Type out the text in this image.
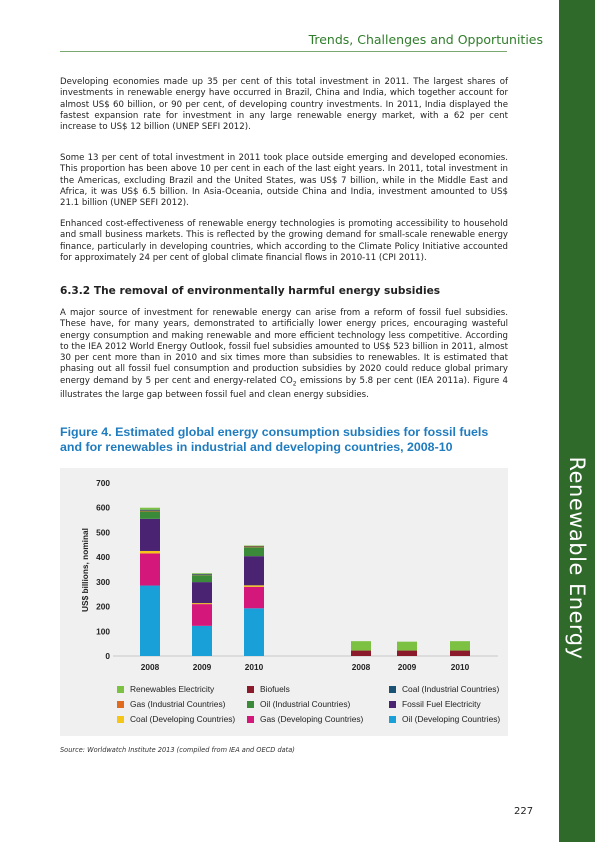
Renewable Energy
Trends, Challenges and Opportunities

Developing economies made up 35 per cent of this total investment in 2011. The largest shares of investments in renewable energy have occurred in Brazil, China and India, which together account for almost US$ 60 billion, or 90 per cent, of developing country investments. In 2011, India displayed the fastest expansion rate for investment in any large renewable energy market, with a 62 per cent increase to US$ 12 billion (UNEP SEFI 2012).

Some 13 per cent of total investment in 2011 took place outside emerging and developed economies. This proportion has been above 10 per cent in each of the last eight years. In 2011, total investment in the Americas, excluding Brazil and the United States, was US$ 7 billion, while in the Middle East and Africa, it was US$ 6.5 billion. In Asia-Oceania, outside China and India, investment amounted to US$ 21.1 billion (UNEP SEFI 2012).

Enhanced cost-effectiveness of renewable energy technologies is promoting accessibility to household and small business markets. This is reflected by the growing demand for small-scale renewable energy finance, particularly in developing countries, which according to the Climate Policy Initiative accounted for approximately 24 per cent of global climate financial flows in 2010-11 (CPI 2011).

6.3.2 The removal of environmentally harmful energy subsidies

A major source of investment for renewable energy can arise from a reform of fossil fuel subsidies. These have, for many years, demonstrated to artificially lower energy prices, encouraging wasteful energy consumption and making renewable and more efficient technology less competitive. According to the IEA 2012 World Energy Outlook, fossil fuel subsidies amounted to US$ 523 billion in 2011, almost 30 per cent more than in 2010 and six times more than subsidies to renewables. It is estimated that phasing out all fossil fuel consumption and production subsidies by 2020 could reduce global primary energy demand by 5 per cent and energy-related $CO_2$ emissions by 5.8 per cent (IEA 2011a). Figure 4 illustrates the large gap between fossil fuel and clean energy subsidies.

Figure 4. Estimated global energy consumption subsidies for fossil fuels and for renewables in industrial and developing countries, 2008-10
US$ billions, nominal
0
100
200
300
400
500
600
700
2008	2009	2010	2008	2009	2010
Renewables Electricity	Biofuels	Coal (Industrial Countries)
Gas (Industrial Countries)	Oil (Industrial Countries)	Fossil Fuel Electricity
Coal (Developing Countries)	Gas (Developing Countries)	Oil (Developing Countries)
Source: Worldwatch Institute 2013 (compiled from IEA and OECD data)
227
